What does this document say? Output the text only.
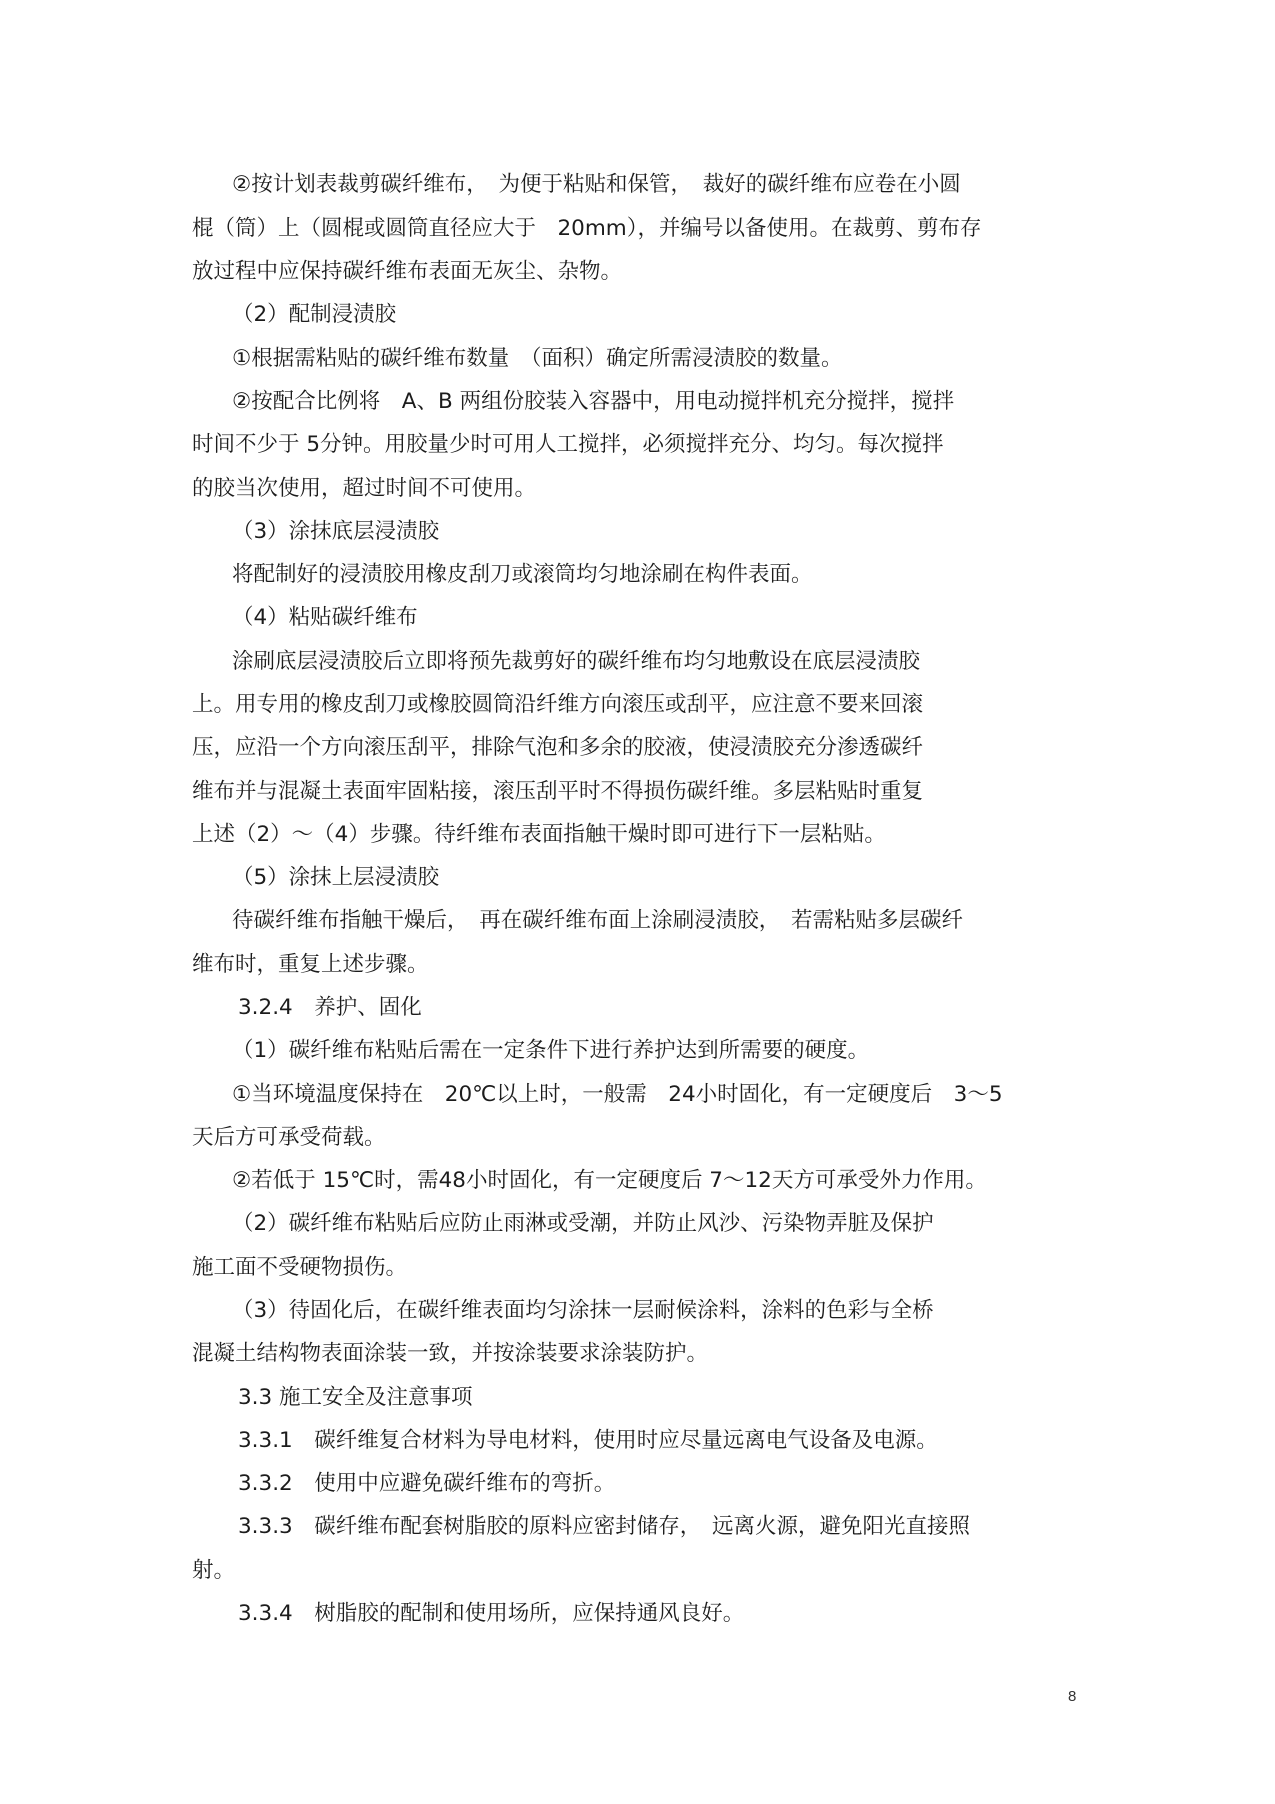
②按计划表裁剪碳纤维布，　为便于粘贴和保管，　裁好的碳纤维布应卷在小圆
棍（筒）上（圆棍或圆筒直径应大于　20mm），并编号以备使用。在裁剪、剪布存
放过程中应保持碳纤维布表面无灰尘、杂物。
（2）配制浸渍胶
①根据需粘贴的碳纤维布数量　（面积）确定所需浸渍胶的数量。
②按配合比例将　A、B 两组份胶装入容器中，用电动搅拌机充分搅拌，搅拌
时间不少于 5分钟。用胶量少时可用人工搅拌，必须搅拌充分、均匀。每次搅拌
的胶当次使用，超过时间不可使用。
（3）涂抹底层浸渍胶
将配制好的浸渍胶用橡皮刮刀或滚筒均匀地涂刷在构件表面。
（4）粘贴碳纤维布
涂刷底层浸渍胶后立即将预先裁剪好的碳纤维布均匀地敷设在底层浸渍胶
上。用专用的橡皮刮刀或橡胶圆筒沿纤维方向滚压或刮平，应注意不要来回滚
压，应沿一个方向滚压刮平，排除气泡和多余的胶液，使浸渍胶充分渗透碳纤
维布并与混凝土表面牢固粘接，滚压刮平时不得损伤碳纤维。多层粘贴时重复
上述（2）～（4）步骤。待纤维布表面指触干燥时即可进行下一层粘贴。
（5）涂抹上层浸渍胶
待碳纤维布指触干燥后，　再在碳纤维布面上涂刷浸渍胶，　若需粘贴多层碳纤
维布时，重复上述步骤。
3.2.4　养护、固化
（1）碳纤维布粘贴后需在一定条件下进行养护达到所需要的硬度。
①当环境温度保持在　20℃以上时，一般需　24小时固化，有一定硬度后　3～5
天后方可承受荷载。
②若低于 15℃时，需48小时固化，有一定硬度后 7～12天方可承受外力作用。
（2）碳纤维布粘贴后应防止雨淋或受潮，并防止风沙、污染物弄脏及保护
施工面不受硬物损伤。
（3）待固化后，在碳纤维表面均匀涂抹一层耐候涂料，涂料的色彩与全桥
混凝土结构物表面涂装一致，并按涂装要求涂装防护。
3.3 施工安全及注意事项
3.3.1　碳纤维复合材料为导电材料，使用时应尽量远离电气设备及电源。
3.3.2　使用中应避免碳纤维布的弯折。
3.3.3　碳纤维布配套树脂胶的原料应密封储存，　远离火源，避免阳光直接照
射。
3.3.4　树脂胶的配制和使用场所，应保持通风良好。
8
